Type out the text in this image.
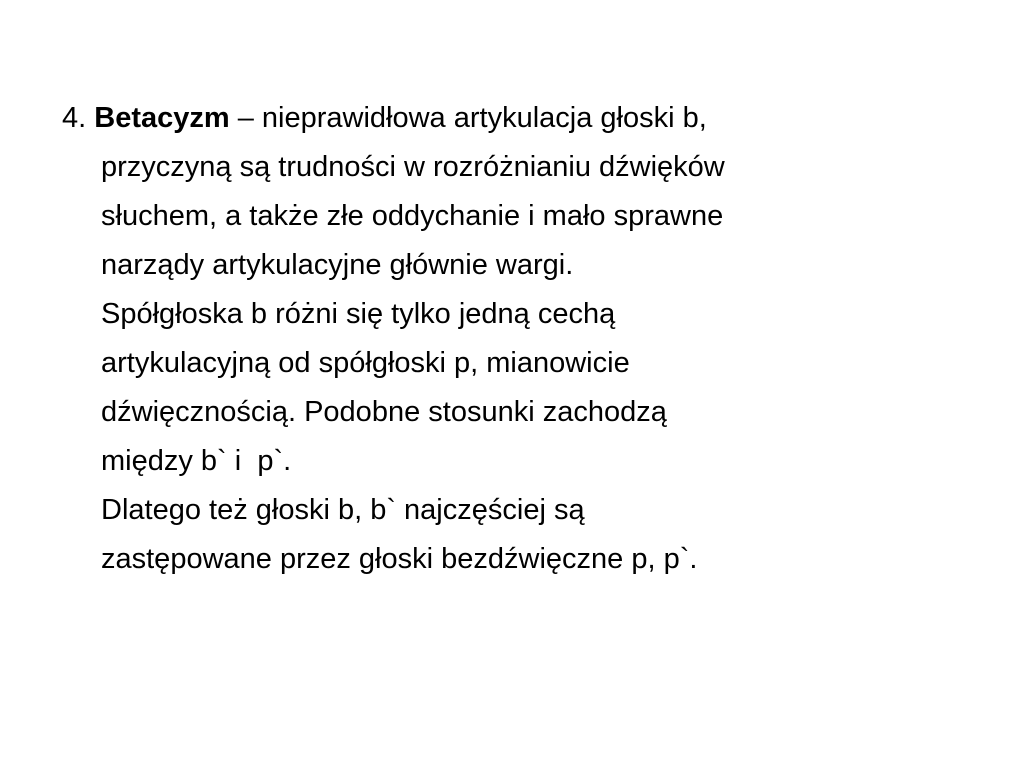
4. Betacyzm – nieprawidłowa artykulacja głoski b,
przyczyną są trudności w rozróżnianiu dźwięków
słuchem, a także złe oddychanie i mało sprawne
narządy artykulacyjne głównie wargi.
Spółgłoska b różni się tylko jedną cechą
artykulacyjną od spółgłoski p, mianowicie
dźwięcznością. Podobne stosunki zachodzą
między b` i  p`.
Dlatego też głoski b, b` najczęściej są
zastępowane przez głoski bezdźwięczne p, p`.
